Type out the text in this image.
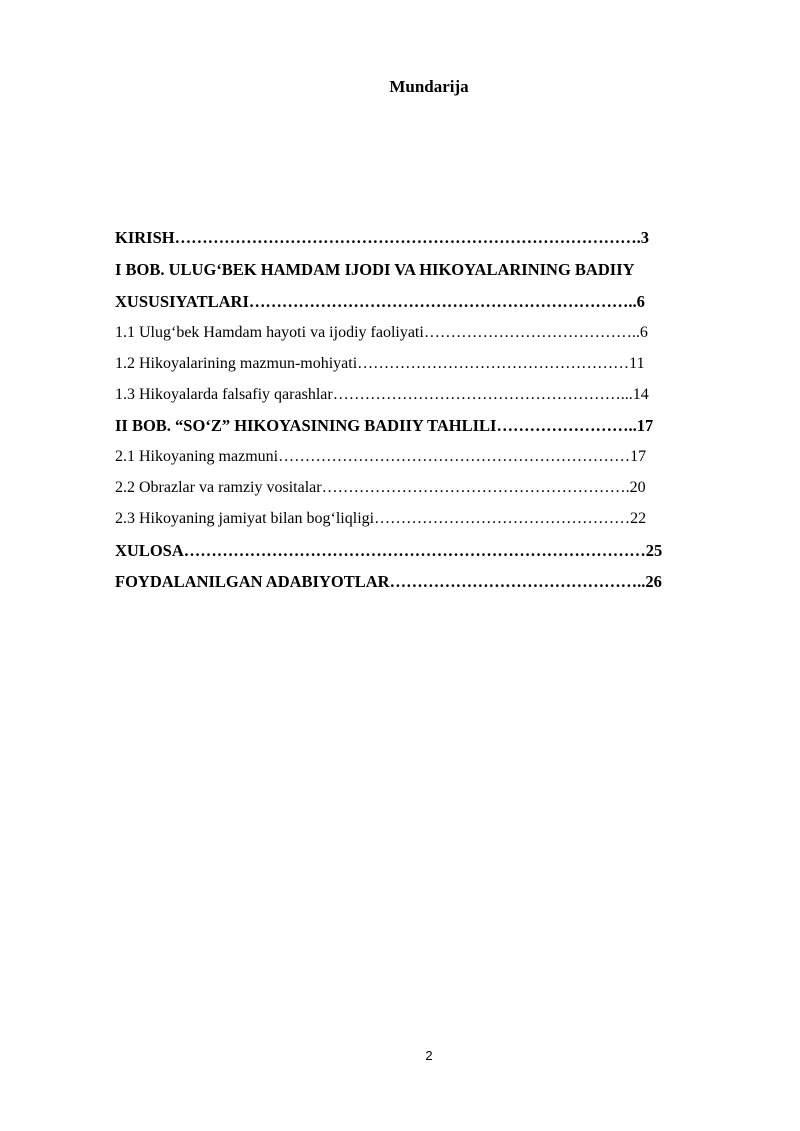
Mundarija
KIRISH………………………………………………………………………….3
I BOB. ULUG‘BEK HAMDAM IJODI VA HIKOYALARINING BADIIY
XUSUSIYATLARI……………………………………………………………..6
1.1 Ulug‘bek Hamdam hayoti va ijodiy faoliyati…………………………………..6
1.2 Hikoyalarining mazmun-mohiyati……………………………………………11
1.3 Hikoyalarda falsafiy qarashlar………………………………………………...14
II BOB. “SO‘Z” HIKOYASINING BADIIY TAHLILI……………………..17
2.1 Hikoyaning mazmuni…………………………………………………………17
2.2 Obrazlar va ramziy vositalar………………………………………………….20
2.3 Hikoyaning jamiyat bilan bog‘liqligi…………………………………………22
XULOSA…………………………………………………………………………25
FOYDALANILGAN ADABIYOTLAR………………………………………..26
2
